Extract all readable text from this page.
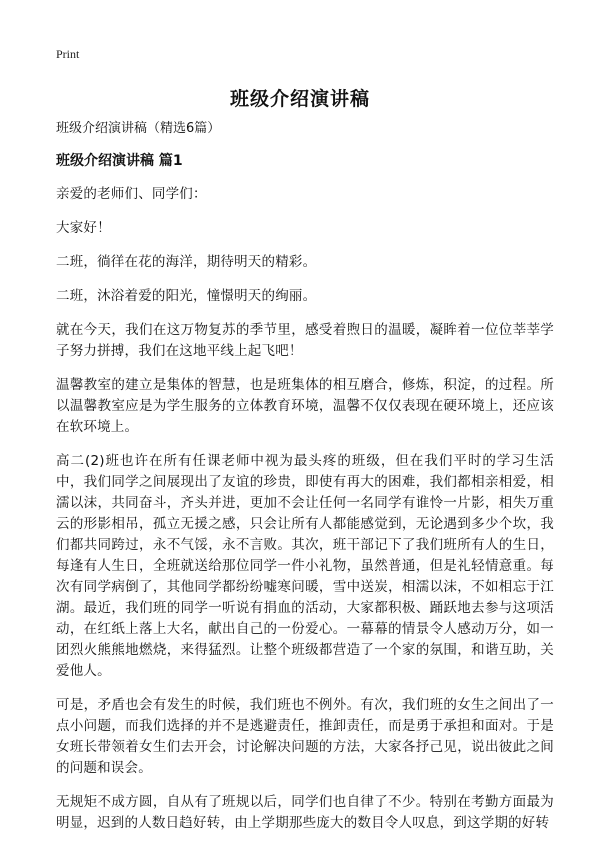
Print
班级介绍演讲稿
班级介绍演讲稿（精选6篇）
班级介绍演讲稿 篇1

亲爱的老师们、同学们：

大家好！

二班，徜徉在花的海洋，期待明天的精彩。

二班，沐浴着爱的阳光，憧憬明天的绚丽。

就在今天，我们在这万物复苏的季节里，感受着煦日的温暖，凝眸着一位位莘莘学子努力拼搏，我们在这地平线上起飞吧！

温馨教室的建立是集体的智慧，也是班集体的相互磨合，修炼，积淀，的过程。所以温馨教室应是为学生服务的立体教育环境，温馨不仅仅表现在硬环境上，还应该在软环境上。

高二(2)班也许在所有任课老师中视为最头疼的班级，但在我们平时的学习生活中，我们同学之间展现出了友谊的珍贵，即使有再大的困难，我们都相亲相爱，相濡以沫，共同奋斗，齐头并进，更加不会让任何一名同学有谁怜一片影，相失万重云的形影相吊，孤立无援之感，只会让所有人都能感觉到，无论遇到多少个坎，我们都共同跨过，永不气馁，永不言败。其次，班干部记下了我们班所有人的生日，每逢有人生日，全班就送给那位同学一件小礼物，虽然普通，但是礼轻情意重。每次有同学病倒了，其他同学都纷纷嘘寒问暖，雪中送炭，相濡以沫，不如相忘于江湖。最近，我们班的同学一听说有捐血的活动，大家都积极、踊跃地去参与这项活动，在红纸上落上大名，献出自己的一份爱心。一幕幕的情景令人感动万分，如一团烈火熊熊地燃烧，来得猛烈。让整个班级都营造了一个家的氛围，和谐互助，关爱他人。

可是，矛盾也会有发生的时候，我们班也不例外。有次，我们班的女生之间出了一点小问题，而我们选择的并不是逃避责任，推卸责任，而是勇于承担和面对。于是女班长带领着女生们去开会，讨论解决问题的方法，大家各抒己见，说出彼此之间的问题和误会。

无规矩不成方圆，自从有了班规以后，同学们也自律了不少。特别在考勤方面最为明显，迟到的人数日趋好转，由上学期那些庞大的数目令人叹息，到这学期的好转
